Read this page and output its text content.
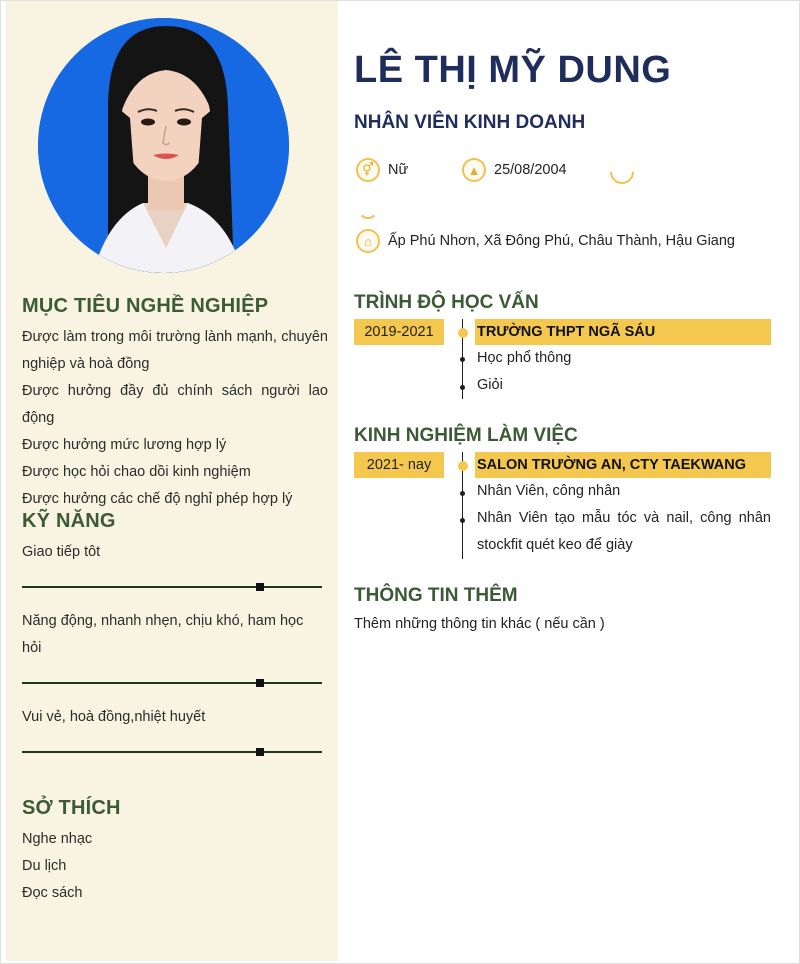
MỤC TIÊU NGHỀ NGHIỆP
Được làm trong môi trường lành mạnh, chuyên
nghiệp và hoà đồng
Được hưởng đầy đủ chính sách người lao động
Được hưởng mức lương hợp lý
Được học hỏi chao dồi kinh nghiệm
Được hưởng các chế độ nghỉ phép hợp lý
KỸ NĂNG
Giao tiếp tôt
Năng động, nhanh nhẹn, chịu khó, ham học
hỏi
Vui vẻ, hoà đồng,nhiệt huyết
SỞ THÍCH
Nghe nhạc
Du lịch
Đọc sách
LÊ THỊ MỸ DUNG
NHÂN VIÊN KINH DOANH
⚥ Nữ	▲ 25/08/2004
⌂	Ấp Phú Nhơn, Xã Đông Phú, Châu Thành, Hậu Giang
TRÌNH ĐỘ HỌC VẤN
2019-2021	TRƯỜNG THPT NGÃ SÁU
Học phổ thông
Giỏi
KINH NGHIỆM LÀM VIỆC
2021- nay	SALON TRƯỜNG AN, CTY TAEKWANG
Nhân Viên, công nhân
Nhân Viên tạo mẫu tóc và nail, công nhân
stockfit quét keo để giày
THÔNG TIN THÊM
Thêm những thông tin khác ( nếu cần )
